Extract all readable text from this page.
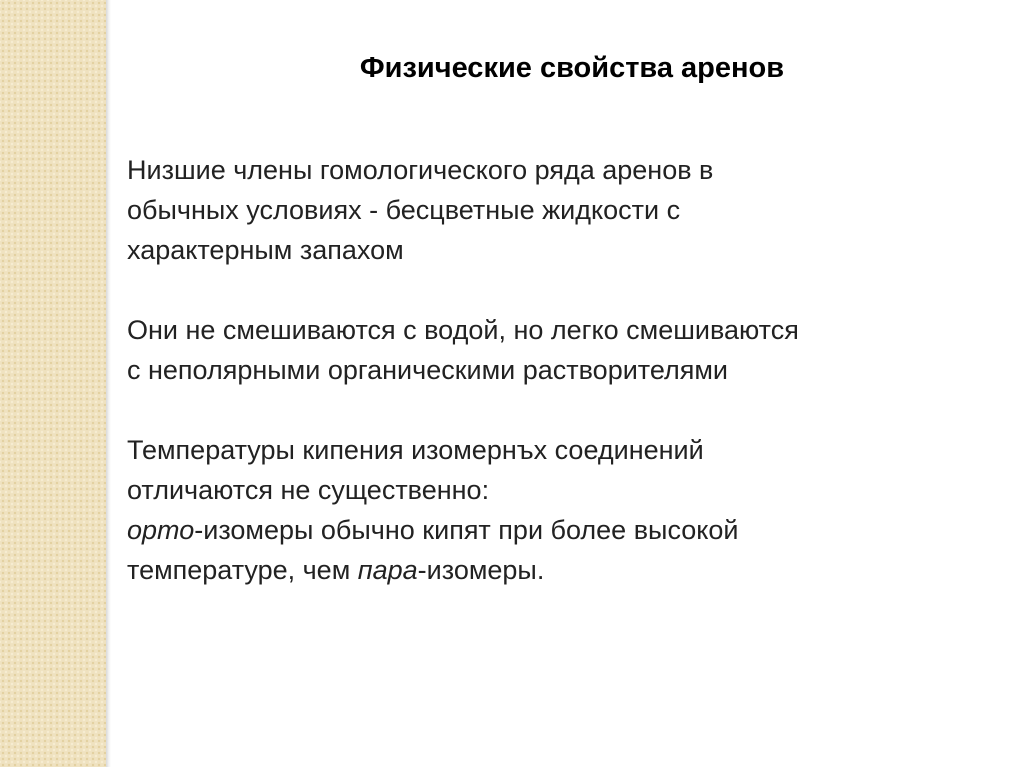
Физические свойства аренов

Низшие члены гомологического ряда аренов в
обычных условиях - бесцветные жидкости с
характерным запахом

Они не смешиваются с водой, но легко смешиваются
с неполярными органическими растворителями

Температуры кипения изомернъх соединений
отличаются не существенно:
орто-изомеры обычно кипят при более высокой
температуре, чем пара-изомеры.
